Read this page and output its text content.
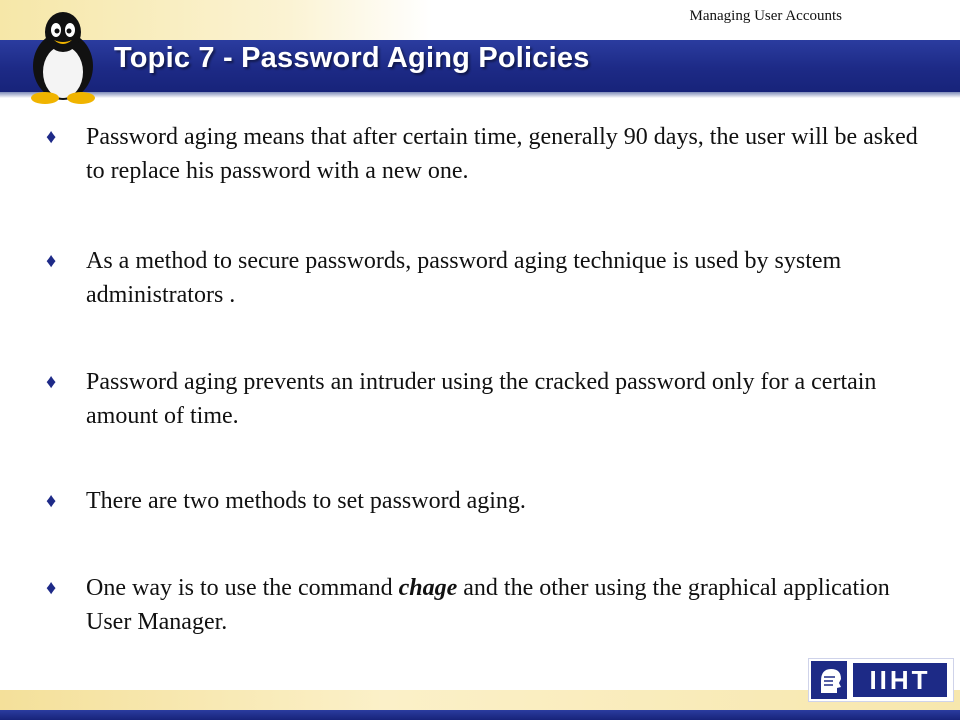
Managing User Accounts
Topic 7 - Password Aging Policies
♦	Password aging means that after certain time, generally 90 days, the user will be asked to replace his password with a new one.
♦	As a method to secure passwords, password aging technique is used by system administrators .
♦	Password aging prevents an intruder using the cracked password only for a certain amount of time.
♦	There are two methods to set password aging.
♦	One way is to use the command chage and the other using the graphical application User Manager.
IIHT
